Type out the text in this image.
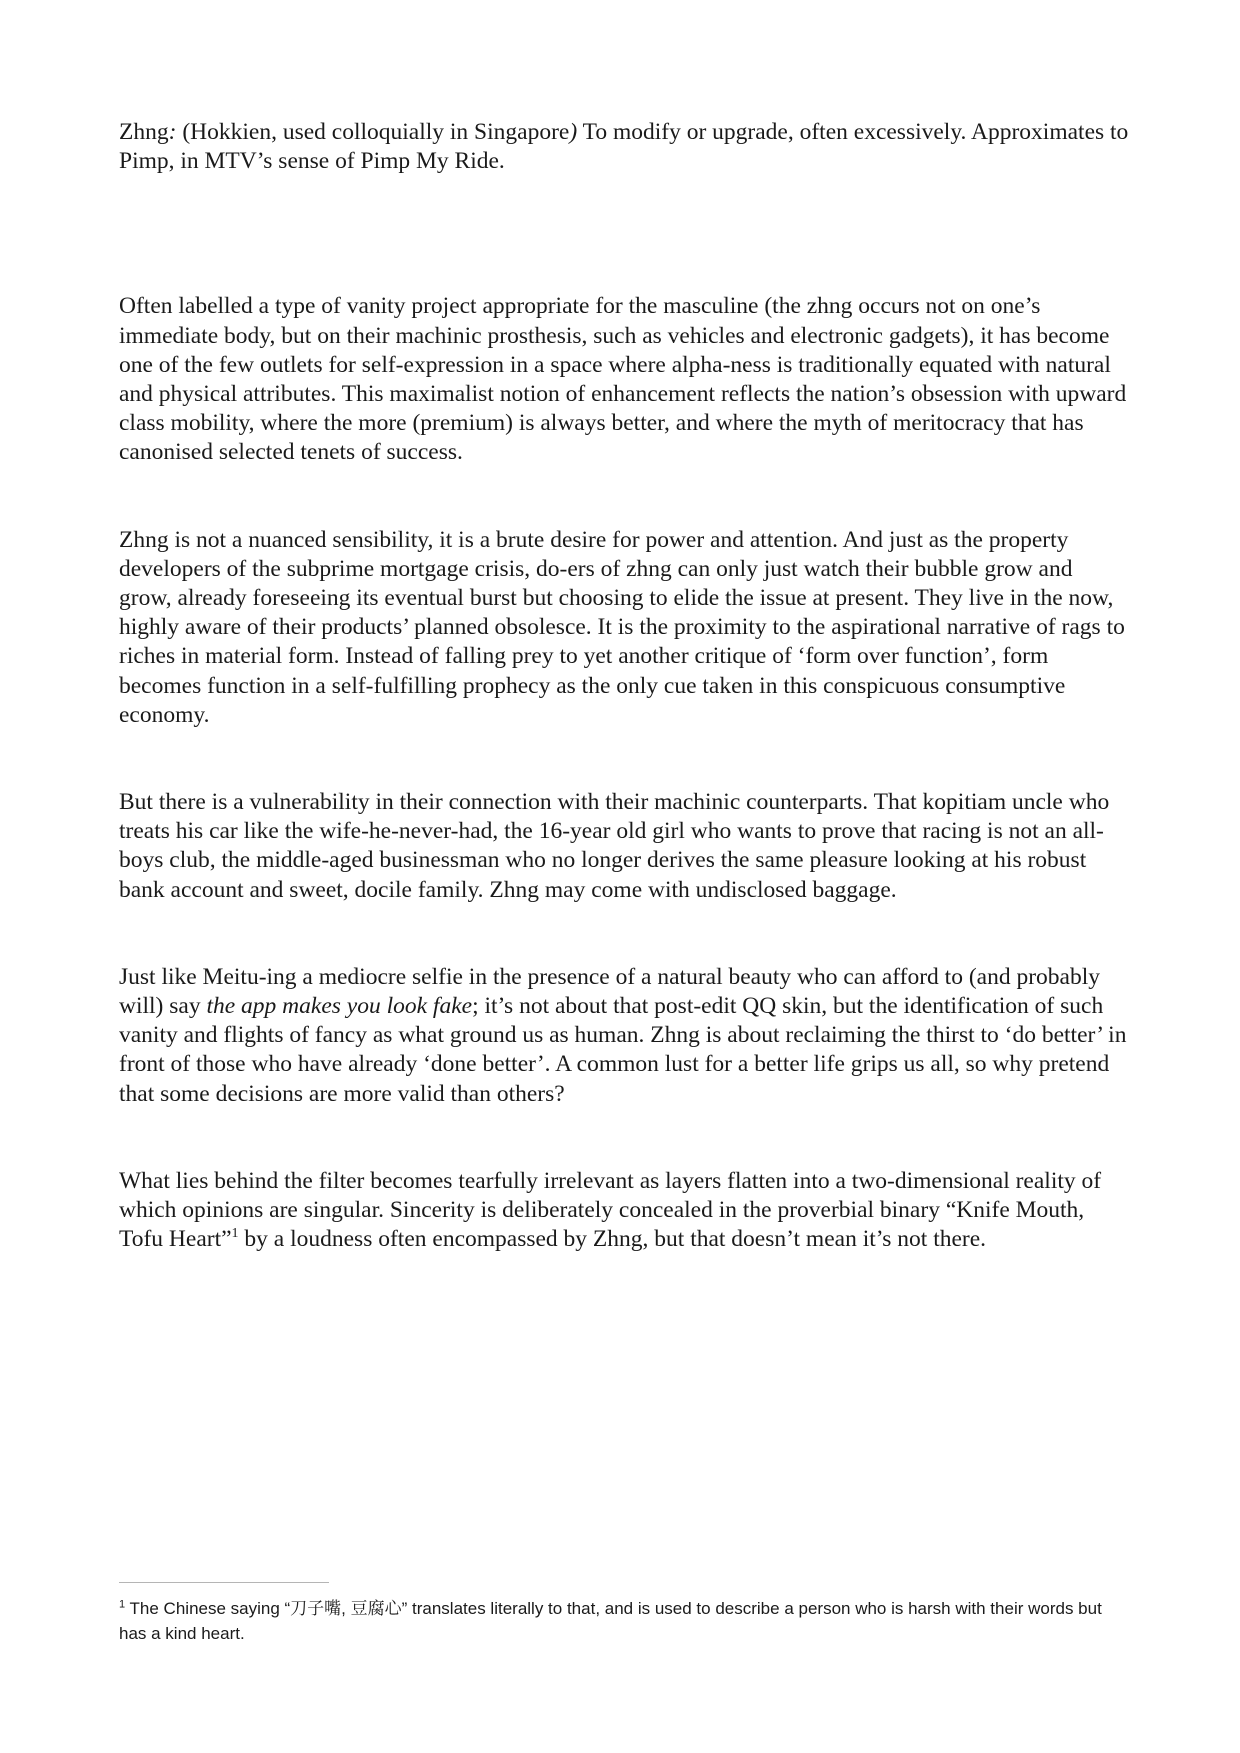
Zhng: (Hokkien, used colloquially in Singapore) To modify or upgrade, often excessively. Approximates to Pimp, in MTV’s sense of Pimp My Ride.

Often labelled a type of vanity project appropriate for the masculine (the zhng occurs not on one’s immediate body, but on their machinic prosthesis, such as vehicles and electronic gadgets), it has become one of the few outlets for self-expression in a space where alpha-ness is traditionally equated with natural and physical attributes. This maximalist notion of enhancement reflects the nation’s obsession with upward class mobility, where the more (premium) is always better, and where the myth of meritocracy that has canonised selected tenets of success.

Zhng is not a nuanced sensibility, it is a brute desire for power and attention. And just as the property developers of the subprime mortgage crisis, do-ers of zhng can only just watch their bubble grow and grow, already foreseeing its eventual burst but choosing to elide the issue at present. They live in the now, highly aware of their products’ planned obsolesce. It is the proximity to the aspirational narrative of rags to riches in material form. Instead of falling prey to yet another critique of ‘form over function’, form becomes function in a self-fulfilling prophecy as the only cue taken in this conspicuous consumptive economy.

But there is a vulnerability in their connection with their machinic counterparts. That kopitiam uncle who treats his car like the wife-he-never-had, the 16-year old girl who wants to prove that racing is not an all-boys club, the middle-aged businessman who no longer derives the same pleasure looking at his robust bank account and sweet, docile family. Zhng may come with undisclosed baggage.

Just like Meitu-ing a mediocre selfie in the presence of a natural beauty who can afford to (and probably will) say the app makes you look fake; it’s not about that post-edit QQ skin, but the identification of such vanity and flights of fancy as what ground us as human. Zhng is about reclaiming the thirst to ‘do better’ in front of those who have already ‘done better’. A common lust for a better life grips us all, so why pretend that some decisions are more valid than others?

What lies behind the filter becomes tearfully irrelevant as layers flatten into a two-dimensional reality of which opinions are singular. Sincerity is deliberately concealed in the proverbial binary “Knife Mouth, Tofu Heart”$^1$ by a loudness often encompassed by Zhng, but that doesn’t mean it’s not there.

$^1$ The Chinese saying “刀子嘴, 豆腐心” translates literally to that, and is used to describe a person who is harsh with their words but has a kind heart.
